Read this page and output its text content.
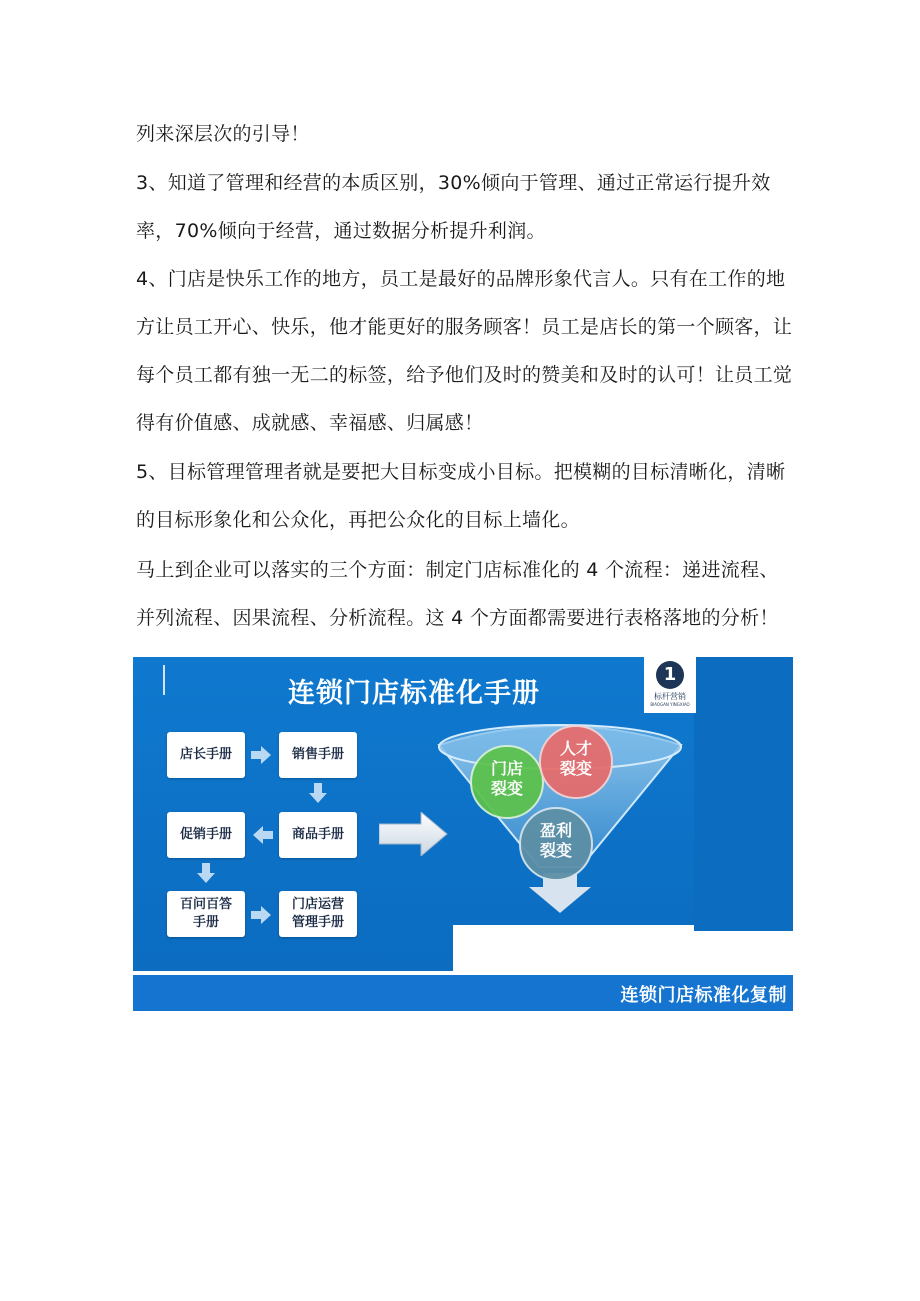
列来深层次的引导！

3、知道了管理和经营的本质区别，30%倾向于管理、通过正常运行提升效率，70%倾向于经营，通过数据分析提升利润。

4、门店是快乐工作的地方，员工是最好的品牌形象代言人。只有在工作的地方让员工开心、快乐，他才能更好的服务顾客！员工是店长的第一个顾客，让每个员工都有独一无二的标签，给予他们及时的赞美和及时的认可！让员工觉得有价值感、成就感、幸福感、归属感！

5、目标管理管理者就是要把大目标变成小目标。把模糊的目标清晰化，清晰的目标形象化和公众化，再把公众化的目标上墙化。

马上到企业可以落实的三个方面：制定门店标准化的 4 个流程：递进流程、并列流程、因果流程、分析流程。这 4 个方面都需要进行表格落地的分析！

连锁门店标准化手册
店长手册	销售手册
促销手册	商品手册
百问百答
手册
门店运营
管理手册
门店
裂变
人才
裂变
盈利
裂变
1
标杆营销
BIAOGAN YINGXIAO
连锁门店标准化复制
